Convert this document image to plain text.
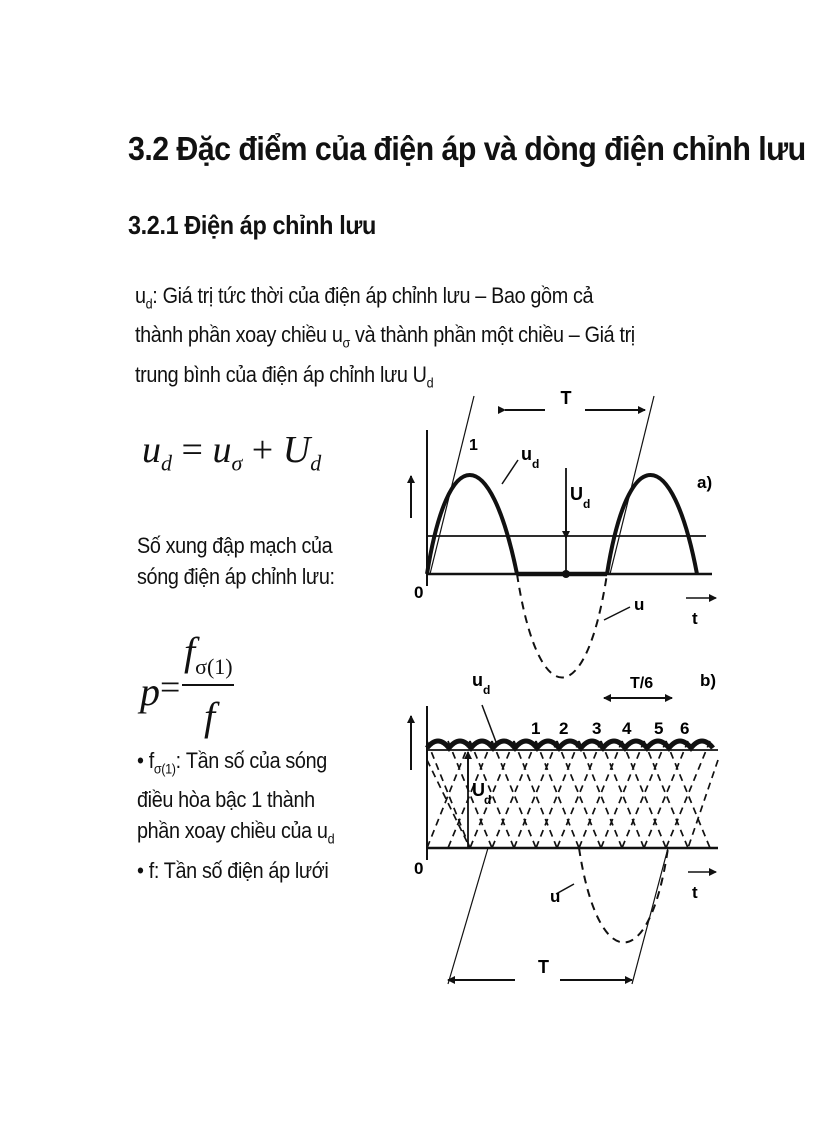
3.2 Đặc điểm của điện áp và dòng điện chỉnh lưu
3.2.1 Điện áp chỉnh lưu
$u_d$: Giá trị tức thời của điện áp chỉnh lưu – Bao gồm cả thành phần xoay chiều $u_\sigma$ và thành phần một chiều – Giá trị trung bình của điện áp chỉnh lưu $U_d$
$u_d = u_\sigma + U_d$
Số xung đập mạch của sóng điện áp chỉnh lưu:
p =
$f_{\sigma(1)}$
f
• $f_{\sigma(1)}$: Tần số của sóng điều hòa bậc 1 thành phần xoay chiều của $u_d$
• f: Tần số điện áp lưới
T
1 u d
U d
a)
0
u
t
u d	b)
T/6
1 2 3 4 5 6
U d
0
u	t
T
